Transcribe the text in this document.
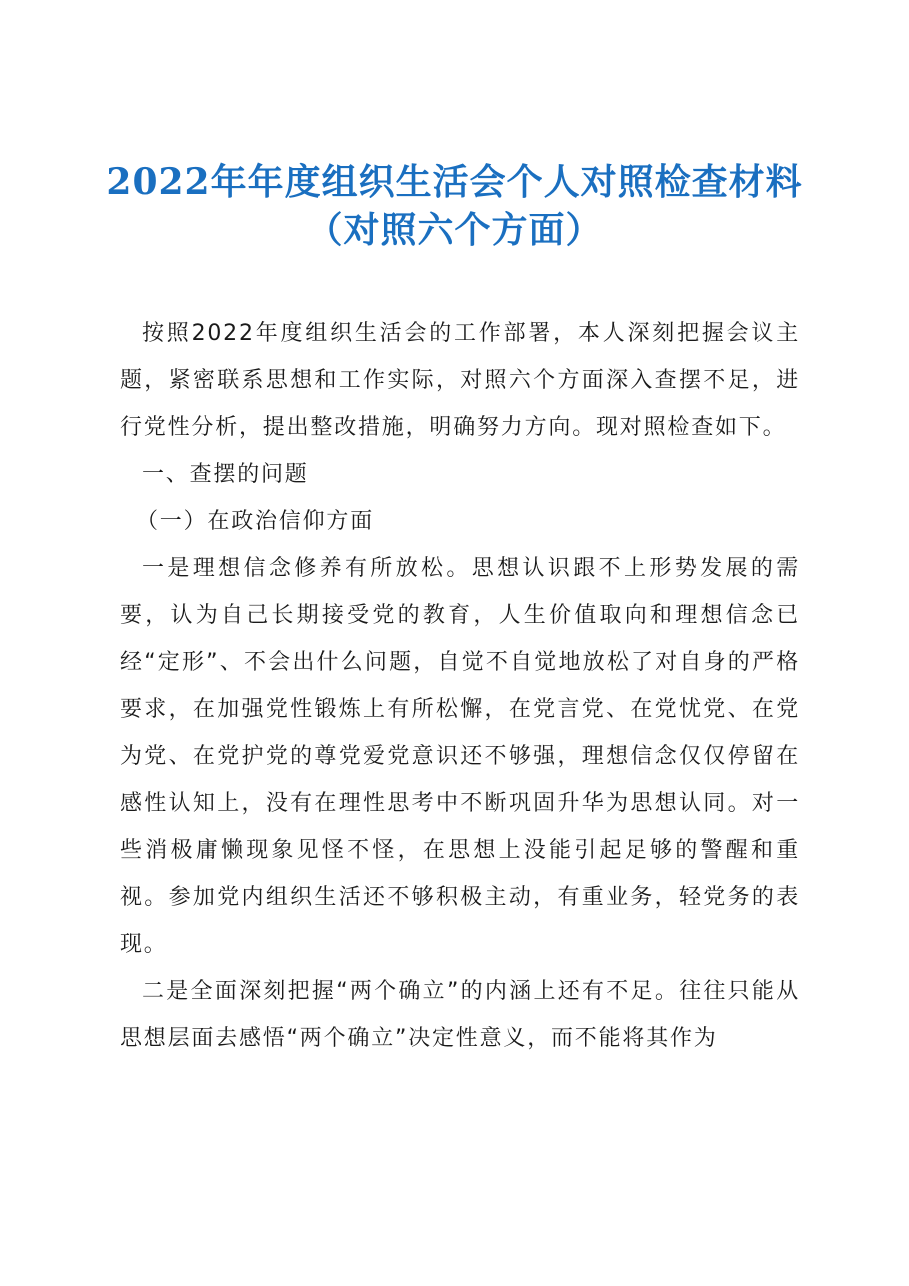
2022年年度组织生活会个人对照检查材料
（对照六个方面）

按照2022年度组织生活会的工作部署，本人深刻把握会议主题，紧密联系思想和工作实际，对照六个方面深入查摆不足，进行党性分析，提出整改措施，明确努力方向。现对照检查如下。

一、查摆的问题

（一）在政治信仰方面

一是理想信念修养有所放松。思想认识跟不上形势发展的需要，认为自己长期接受党的教育，人生价值取向和理想信念已经“定形”、不会出什么问题，自觉不自觉地放松了对自身的严格要求，在加强党性锻炼上有所松懈，在党言党、在党忧党、在党为党、在党护党的尊党爱党意识还不够强，理想信念仅仅停留在感性认知上，没有在理性思考中不断巩固升华为思想认同。对一些消极庸懒现象见怪不怪，在思想上没能引起足够的警醒和重视。参加党内组织生活还不够积极主动，有重业务，轻党务的表现。

二是全面深刻把握“两个确立”的内涵上还有不足。往往只能从思想层面去感悟“两个确立”决定性意义，而不能将其作为
